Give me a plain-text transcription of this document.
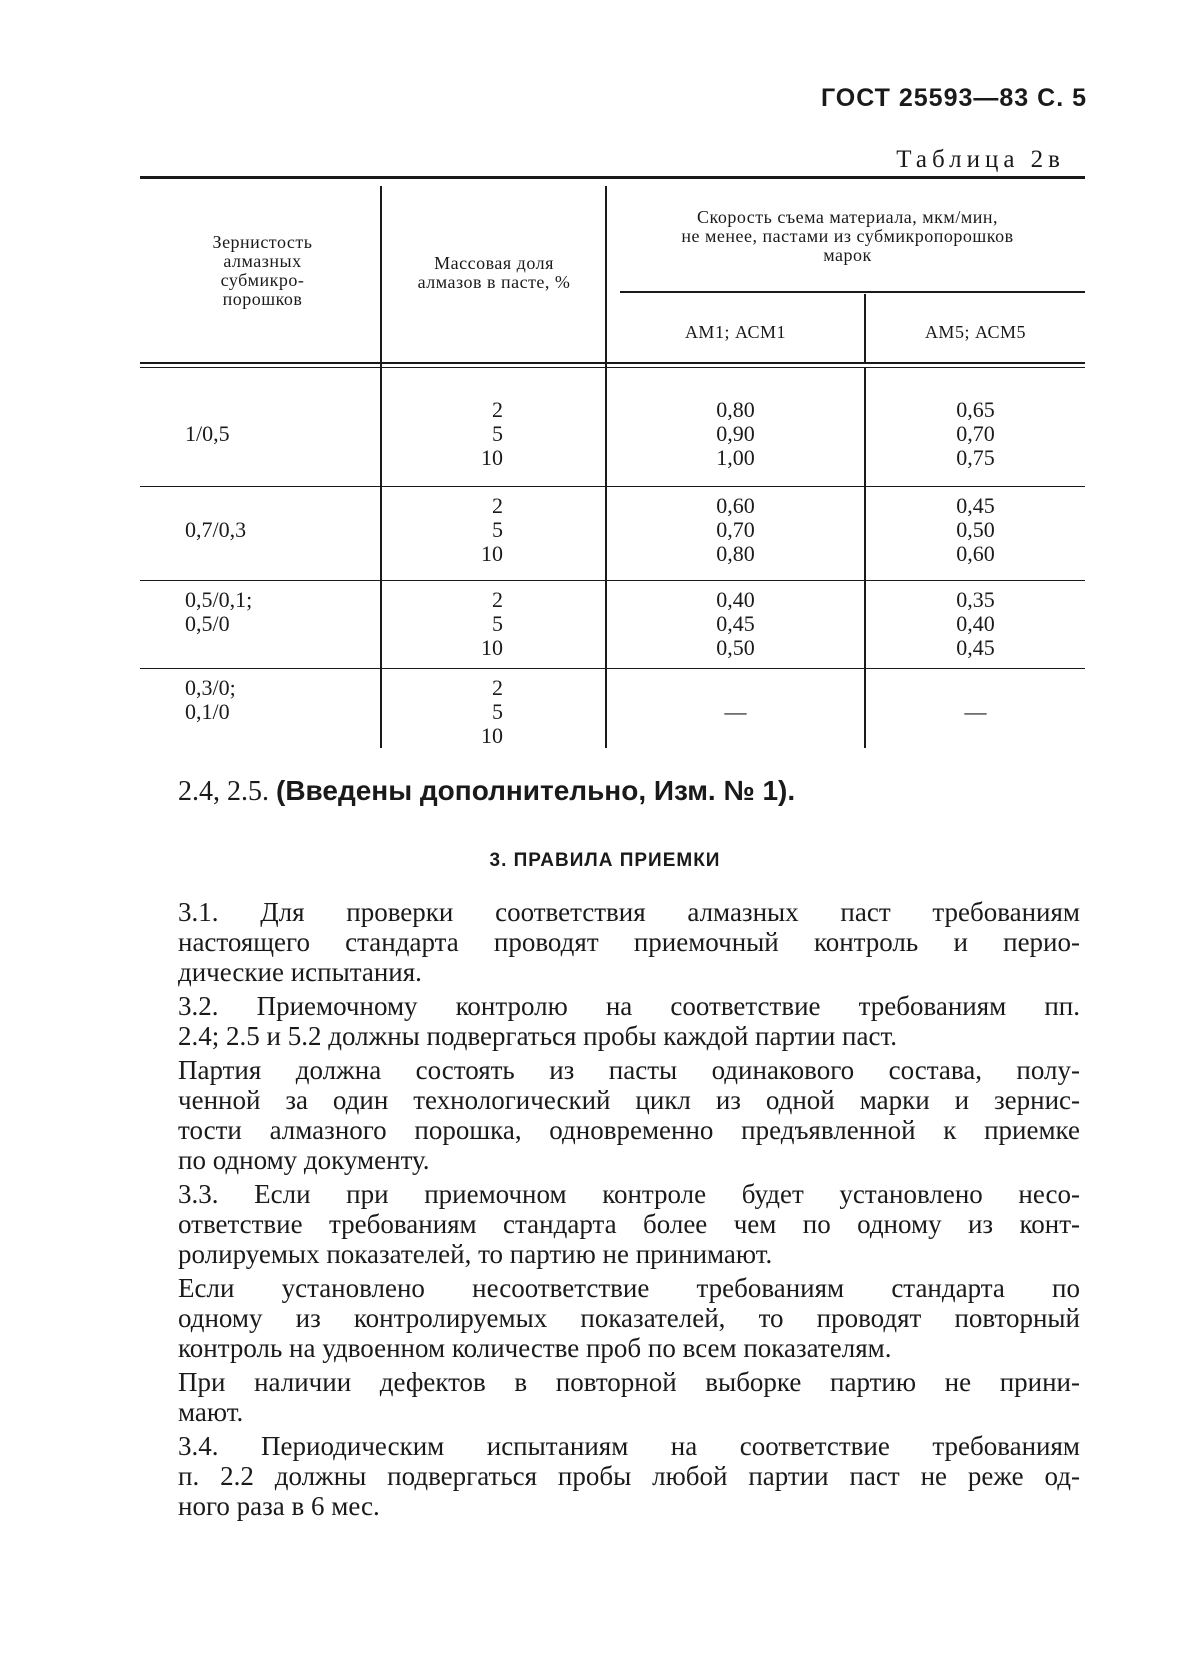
ГОСТ 25593—83 С. 5
Таблица 2в
Зернистость
алмазных
субмикро-
порошков
Массовая доля
алмазов в пасте, %
Скорость съема материала, мкм/мин,
не менее, пастами из субмикропорошков
марок
АМ1; АСМ1	АМ5; АСМ5
1/0,5
2
5
10
0,80
0,90
1,00
0,65
0,70
0,75
0,7/0,3
2
5
10
0,60
0,70
0,80
0,45
0,50
0,60
0,5/0,1;
0,5/0
2
5
10
0,40
0,45
0,50
0,35
0,40
0,45
0,3/0;
0,1/0
2
5
10
—	—
2.4, 2.5. (Введены дополнительно, Изм. № 1).
3. ПРАВИЛА ПРИЕМКИ
3.1. Для проверки соответствия алмазных паст требованиям
настоящего стандарта проводят приемочный контроль и перио-
дические испытания.
3.2. Приемочному контролю на соответствие требованиям пп.
2.4; 2.5 и 5.2 должны подвергаться пробы каждой партии паст.
Партия должна состоять из пасты одинакового состава, полу-
ченной за один технологический цикл из одной марки и зернис-
тости алмазного порошка, одновременно предъявленной к приемке
по одному документу.
3.3. Если при приемочном контроле будет установлено несо-
ответствие требованиям стандарта более чем по одному из конт-
ролируемых показателей, то партию не принимают.
Если установлено несоответствие требованиям стандарта по
одному из контролируемых показателей, то проводят повторный
контроль на удвоенном количестве проб по всем показателям.
При наличии дефектов в повторной выборке партию не прини-
мают.
3.4. Периодическим испытаниям на соответствие требованиям
п. 2.2 должны подвергаться пробы любой партии паст не реже од-
ного раза в 6 мес.
